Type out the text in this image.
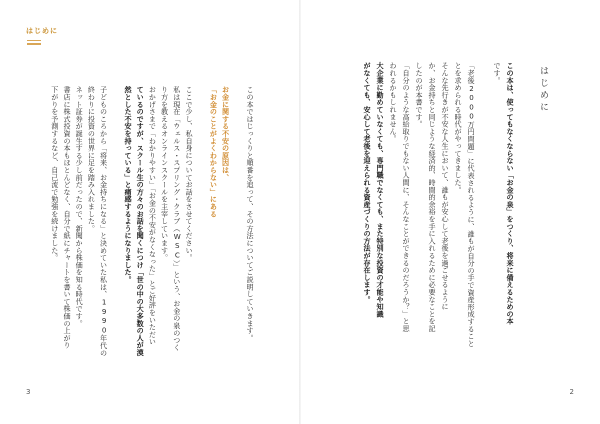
はじめに
はじめに
この本は、使ってもなくならない「お金の泉」をつくり、将来に備えるための本
です。
「老後2000万円問題」に代表されるように、誰もが自分の手で資産形成すること
とを求められる時代がやってきました。
そんな先行きが不安な人生において、誰もが安心して老後を過ごせるように
か、お金持ちと同じような経済的、時間的余裕を手に入れるために必要なことを記
したのが本書です。
「自分のような高給取りでもない人間に、そんなことができるのだろうか？」と思
われるかもしれません。
大企業に勤めていなくても、専門職でなくても、また特別な投資の才能や知識
がなくても、安心して老後を迎えられる資産づくりの方法が存在します。
この本ではじっくりと順番を追って、その方法についてご説明していきます。
お金に関する不安の原因は、
「お金のことがよくわからない」にある
ここで少し、私自身についてお話をさせてください。
私は現在「ウェルス・スプリング・クラブ（WSC）」という、お金の泉のつく
り方を教えるオンラインスクールを主宰しています。
おかげさまで「わかりやすい」「お金の不安がなくなった」とご好評をいただい
ているのですが、スクール生の方々のお話を聞くにつけ「世の中の大多数の人が漠
然とした不安を持っている」と痛感するようになりました。
子どものころから「将来、お金持ちになる」と決めていた私は、1990年代の
終わりに投資の世界に足を踏み入れました。
ネット証券が誕生する少し前だったので、新聞から株価を知る時代です。
書店に株式投資の本もほとんどなく、自分で紙にチャートを書いて株価の上がり
下がりを予測するなど、自己流で勉強を続けました。
3	2
